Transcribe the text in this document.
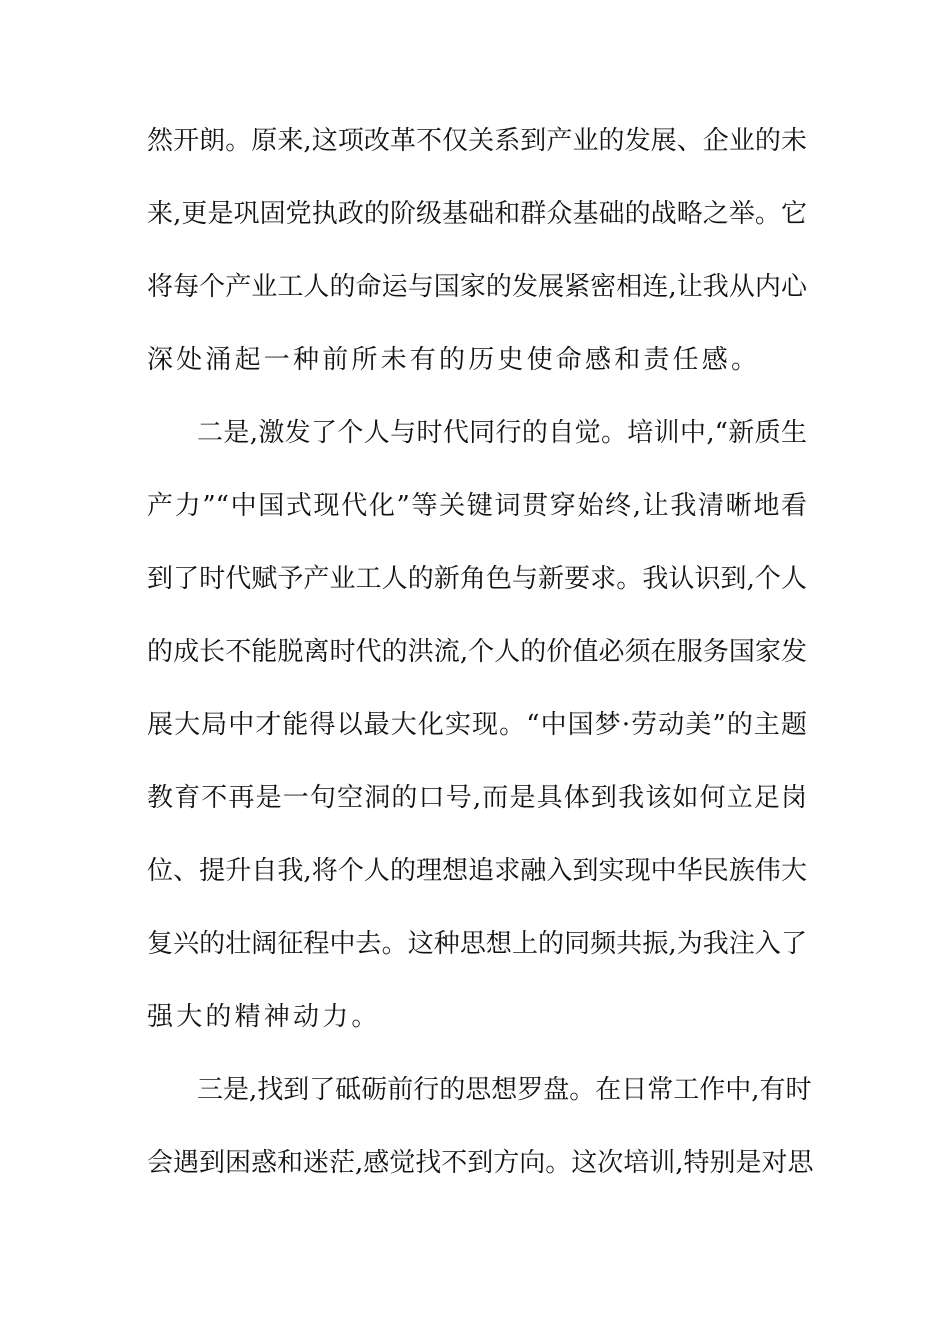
然开朗。原来,这项改革不仅关系到产业的发展、企业的未
来,更是巩固党执政的阶级基础和群众基础的战略之举。它
将每个产业工人的命运与国家的发展紧密相连,让我从内心
深处涌起一种前所未有的历史使命感和责任感。
二是,激发了个人与时代同行的自觉。培训中,“新质生
产力”“中国式现代化”等关键词贯穿始终,让我清晰地看
到了时代赋予产业工人的新角色与新要求。我认识到,个人
的成长不能脱离时代的洪流,个人的价值必须在服务国家发
展大局中才能得以最大化实现。“中国梦·劳动美”的主题
教育不再是一句空洞的口号,而是具体到我该如何立足岗
位、提升自我,将个人的理想追求融入到实现中华民族伟大
复兴的壮阔征程中去。这种思想上的同频共振,为我注入了
强大的精神动力。
三是,找到了砥砺前行的思想罗盘。在日常工作中,有时
会遇到困惑和迷茫,感觉找不到方向。这次培训,特别是对思
